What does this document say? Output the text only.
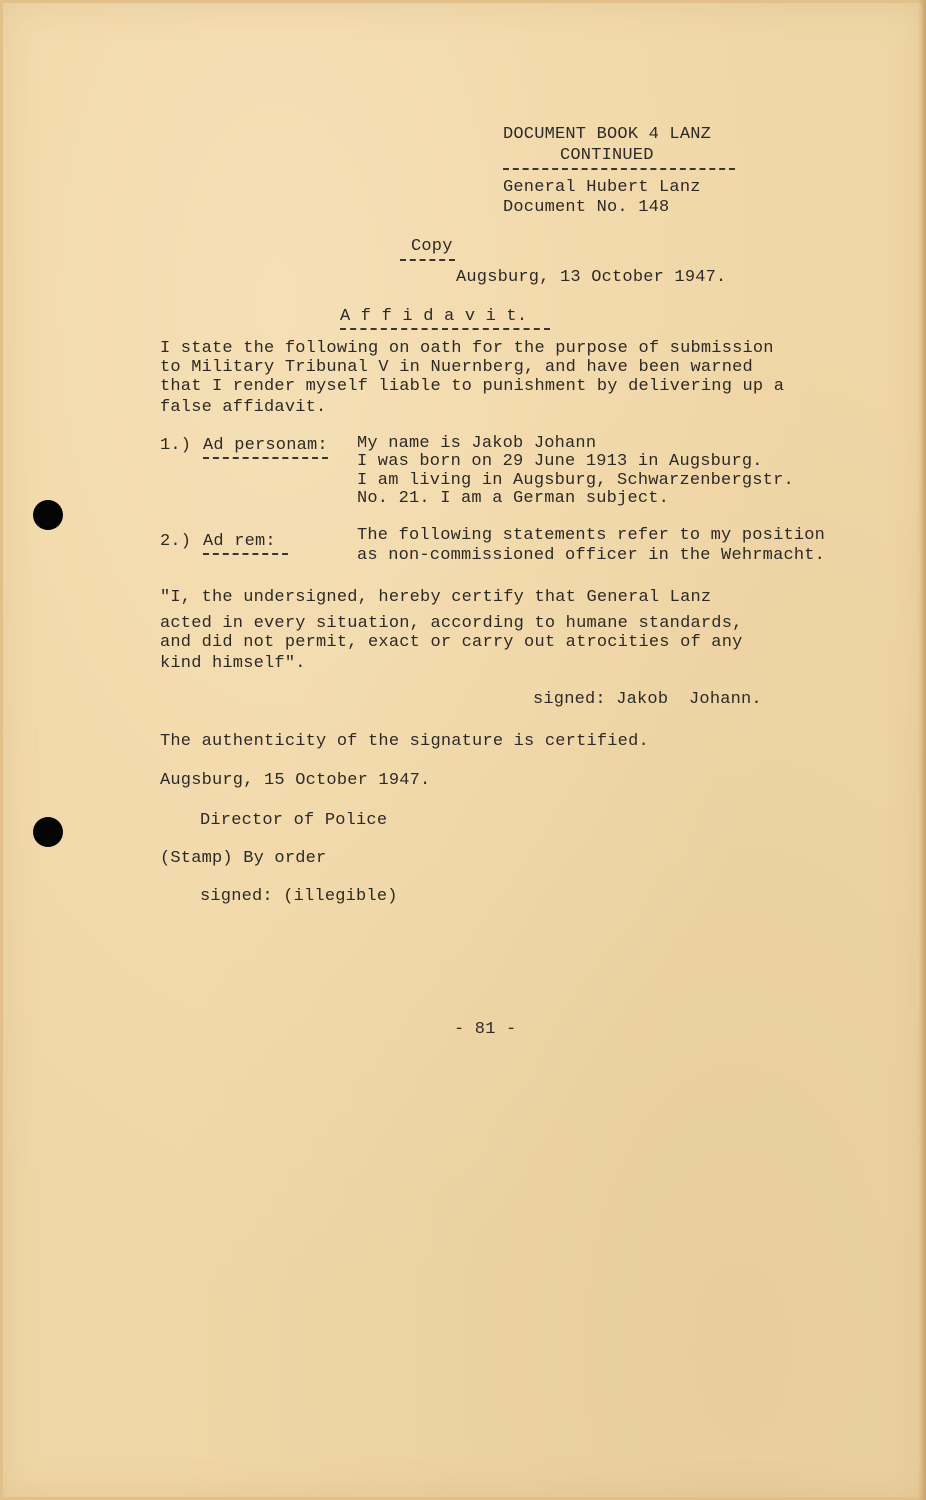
DOCUMENT BOOK 4 LANZ
CONTINUED
General Hubert Lanz
Document No. 148
Copy
Augsburg, 13 October 1947.
A f f i d a v i t.
I state the following on oath for the purpose of submission
to Military Tribunal V in Nuernberg, and have been warned
that I render myself liable to punishment by delivering up a
false affidavit.
1.) Ad personam: My name is Jakob Johann
I was born on 29 June 1913 in Augsburg.
I am living in Augsburg, Schwarzenbergstr.
No. 21. I am a German subject.
2.) Ad rem:	The following statements refer to my position
as non-commissioned officer in the Wehrmacht.
"I, the undersigned, hereby certify that General Lanz
acted in every situation, according to humane standards,
and did not permit, exact or carry out atrocities of any
kind himself".
signed: Jakob  Johann.
The authenticity of the signature is certified.
Augsburg, 15 October 1947.
Director of Police
(Stamp) By order
signed: (illegible)
- 81 -
